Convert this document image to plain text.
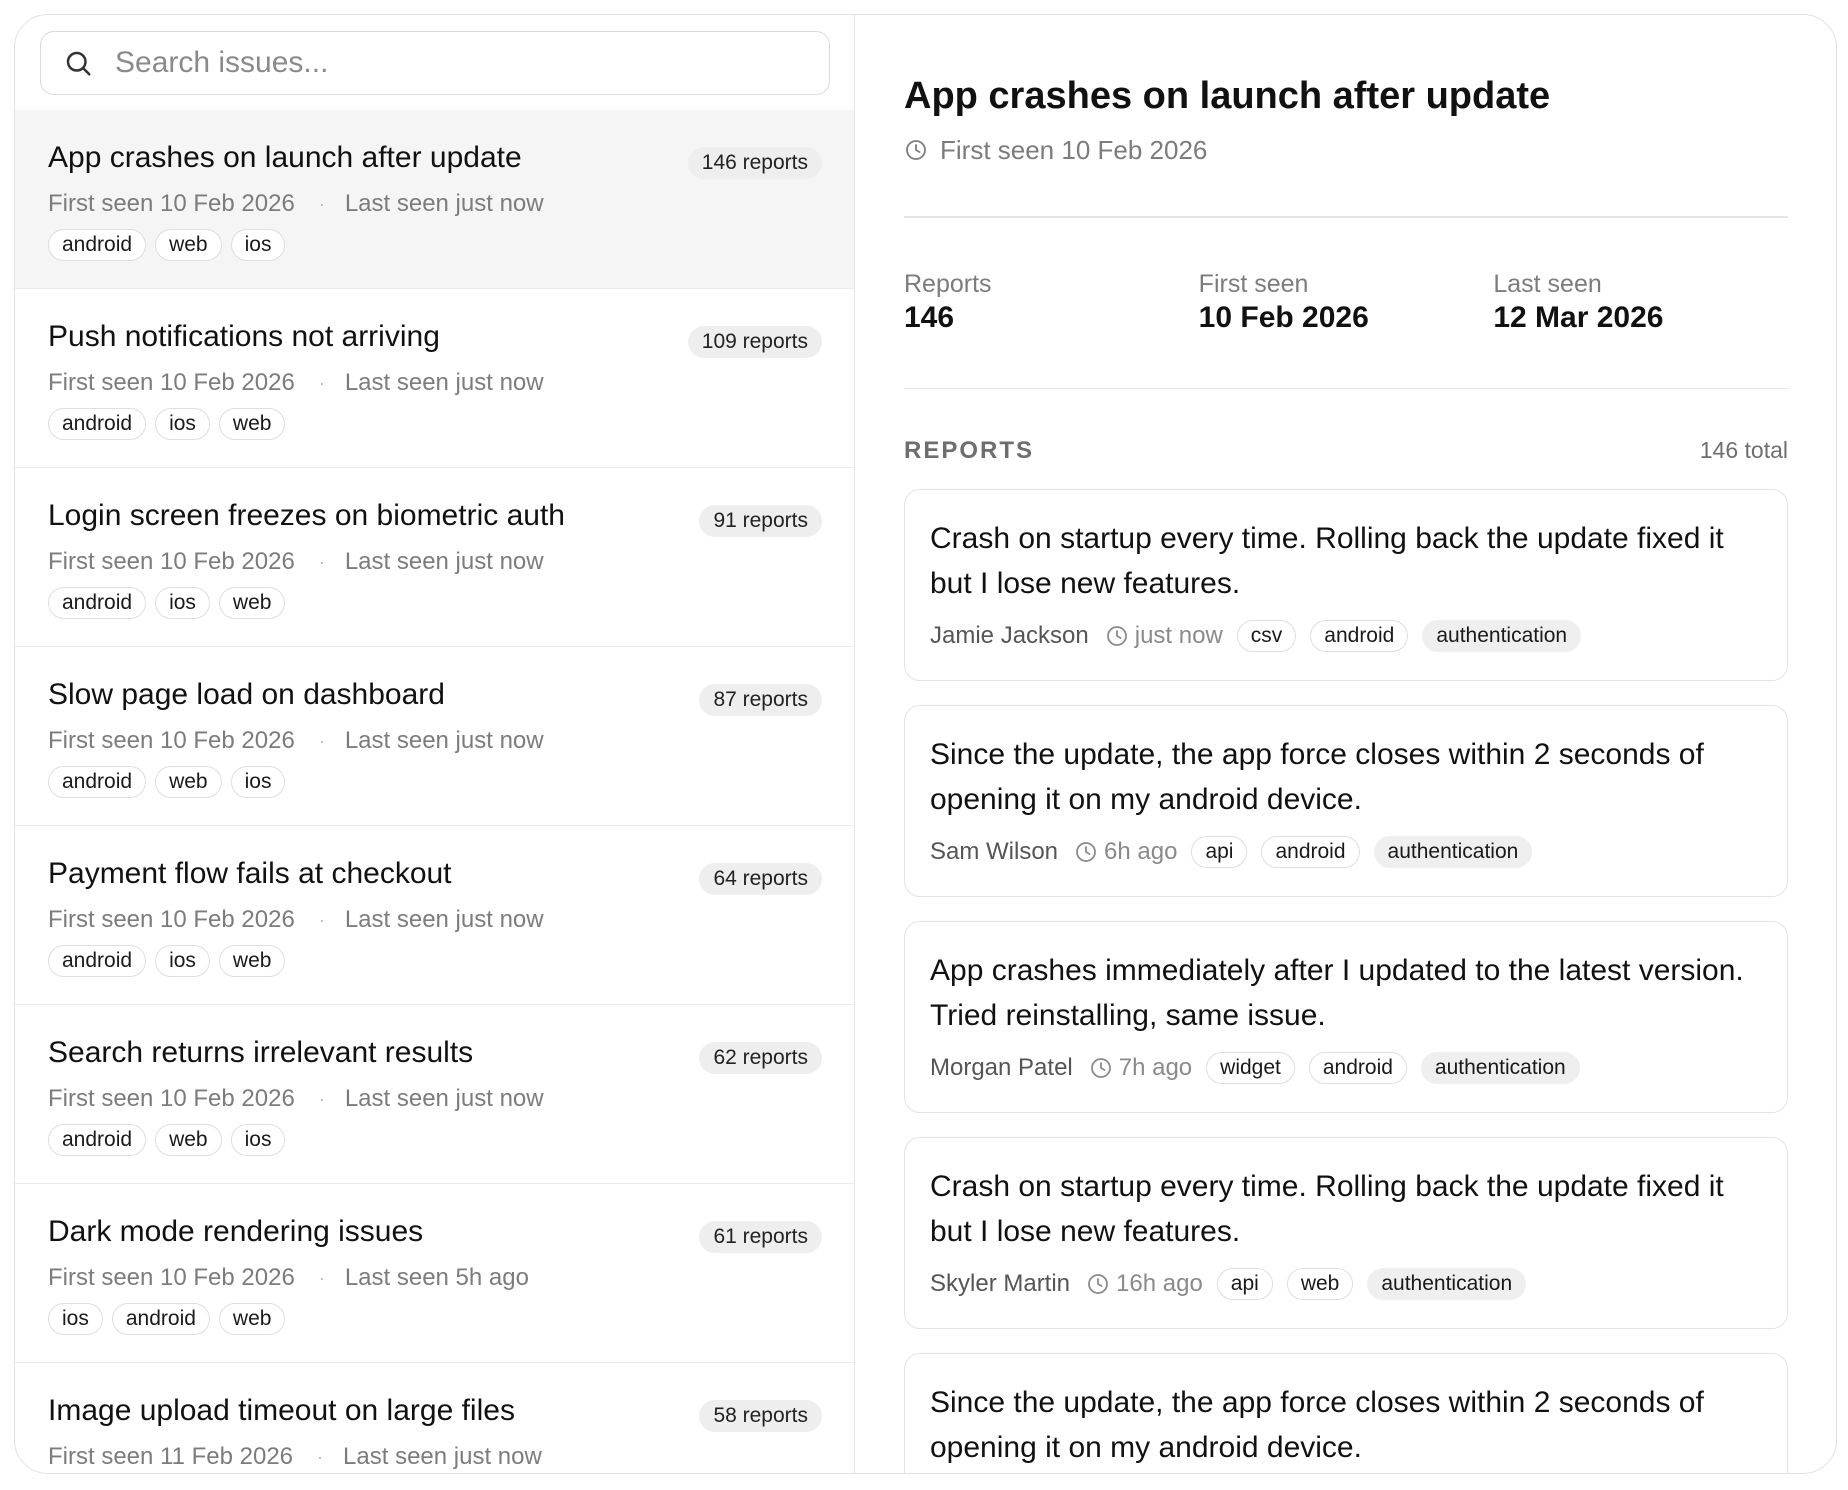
Search issues...
App crashes on launch after update	146 reports
First seen 10 Feb 2026 · Last seen just now
android	web	ios
Push notifications not arriving	109 reports
First seen 10 Feb 2026 · Last seen just now
android	ios	web
Login screen freezes on biometric auth	91 reports
First seen 10 Feb 2026 · Last seen just now
android	ios	web
Slow page load on dashboard	87 reports
First seen 10 Feb 2026 · Last seen just now
android	web	ios
Payment flow fails at checkout	64 reports
First seen 10 Feb 2026 · Last seen just now
android	ios	web
Search returns irrelevant results	62 reports
First seen 10 Feb 2026 · Last seen just now
android	web	ios
Dark mode rendering issues	61 reports
First seen 10 Feb 2026 · Last seen 5h ago
ios	android	web
Image upload timeout on large files	58 reports
First seen 11 Feb 2026 · Last seen just now
App crashes on launch after update
First seen 10 Feb 2026
Reports
146
First seen
10 Feb 2026
Last seen
12 Mar 2026
REPORTS	146 total
Crash on startup every time. Rolling back the update fixed it but I lose new features.
Jamie Jackson just now	csv	android	authentication
Since the update, the app force closes within 2 seconds of opening it on my android device.
Sam Wilson 6h ago	api	android	authentication
App crashes immediately after I updated to the latest version. Tried reinstalling, same issue.
Morgan Patel 7h ago	widget	android	authentication
Crash on startup every time. Rolling back the update fixed it but I lose new features.
Skyler Martin 16h ago	api	web	authentication
Since the update, the app force closes within 2 seconds of opening it on my android device.
